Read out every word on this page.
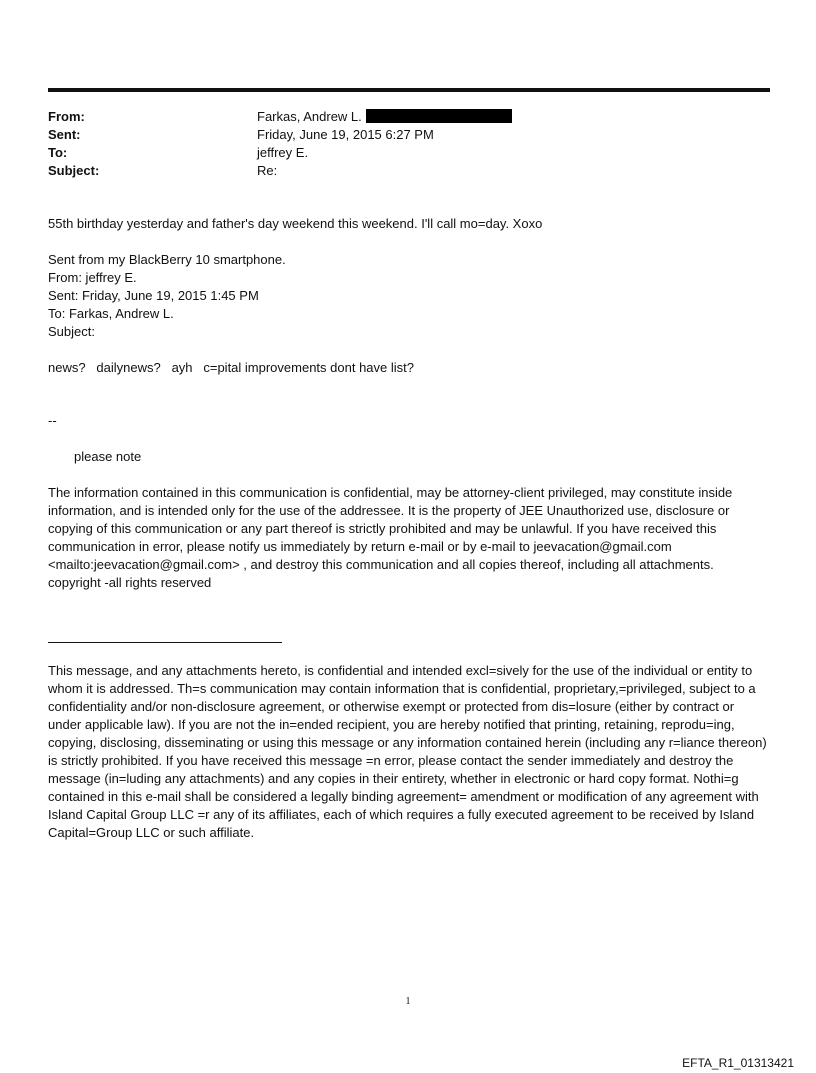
From:	Farkas, Andrew L.
Sent:	Friday, June 19, 2015 6:27 PM
To:	jeffrey E.
Subject:	Re:

55th birthday yesterday and father's day weekend this weekend. I'll call mo=day. Xoxo

Sent from my BlackBerry 10 smartphone.

From: jeffrey E.

Sent: Friday, June 19, 2015 1:45 PM

To: Farkas, Andrew L.

Subject:

news?   dailynews?   ayh   c=pital improvements dont have list?

--

please note

The information contained in this communication is confidential, may be attorney-client privileged, may constitute inside information, and is intended only for the use of the addressee. It is the property of JEE Unauthorized use, disclosure or copying of this communication or any part thereof is strictly prohibited and may be unlawful. If you have received this communication in error, please notify us immediately by return e-mail or by e-mail to jeevacation@gmail.com <mailto:jeevacation@gmail.com> , and destroy this communication and all copies thereof, including all attachments. copyright -all rights reserved

This message, and any attachments hereto, is confidential and intended excl=sively for the use of the individual or entity to whom it is addressed. Th=s communication may contain information that is confidential, proprietary,=privileged, subject to a confidentiality and/or non-disclosure agreement, or otherwise exempt or protected from dis=losure (either by contract or under applicable law). If you are not the in=ended recipient, you are hereby notified that printing, retaining, reprodu=ing, copying, disclosing, disseminating or using this message or any information contained herein (including any r=liance thereon) is strictly prohibited. If you have received this message =n error, please contact the sender immediately and destroy the message (in=luding any attachments) and any copies in their entirety, whether in electronic or hard copy format. Nothi=g contained in this e-mail shall be considered a legally binding agreement= amendment or modification of any agreement with Island Capital Group LLC =r any of its affiliates, each of which requires a fully executed agreement to be received by Island Capital=Group LLC or such affiliate.

1
EFTA_R1_01313421
